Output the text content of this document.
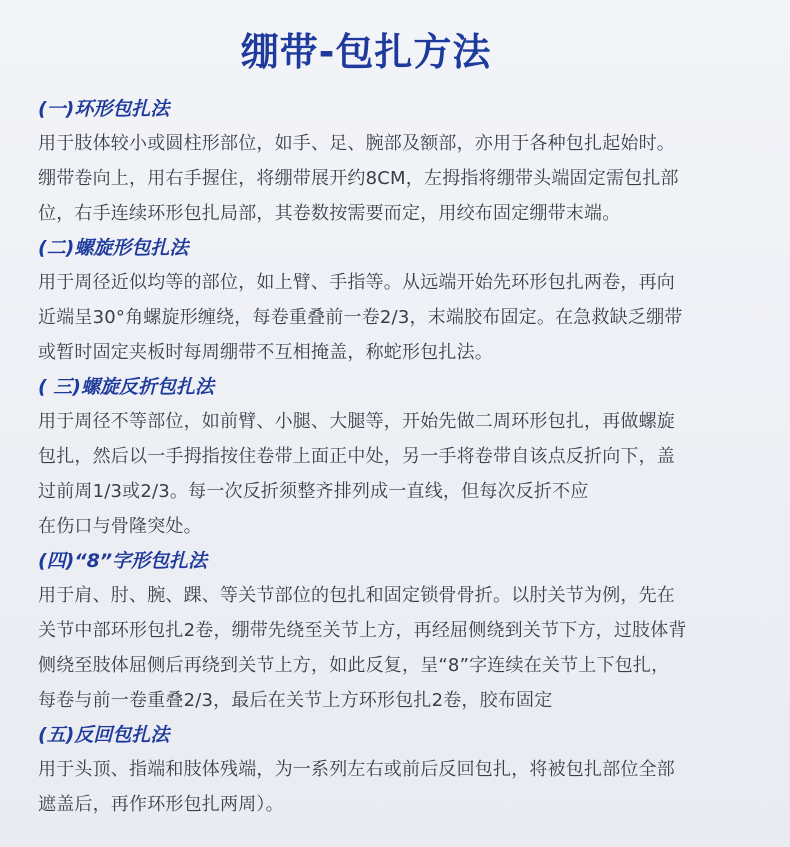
绷带-包扎方法
(一)环形包扎法

用于肢体较小或圆柱形部位，如手、足、腕部及额部，亦用于各种包扎起始时。
绷带卷向上，用右手握住，将绷带展开约8CM，左拇指将绷带头端固定需包扎部
位，右手连续环形包扎局部，其卷数按需要而定，用绞布固定绷带末端。

(二)螺旋形包扎法

用于周径近似均等的部位，如上臂、手指等。从远端开始先环形包扎两卷，再向
近端呈30°角螺旋形缠绕，每卷重叠前一卷2/3，末端胶布固定。在急救缺乏绷带
或暂时固定夹板时每周绷带不互相掩盖，称蛇形包扎法。

( 三)螺旋反折包扎法

用于周径不等部位，如前臂、小腿、大腿等，开始先做二周环形包扎，再做螺旋
包扎，然后以一手拇指按住卷带上面正中处，另一手将卷带自该点反折向下，盖
过前周1/3或2/3。每一次反折须整齐排列成一直线，但每次反折不应
在伤口与骨隆突处。

(四)“8”字形包扎法

用于肩、肘、腕、踝、等关节部位的包扎和固定锁骨骨折。以肘关节为例，先在
关节中部环形包扎2卷，绷带先绕至关节上方，再经屈侧绕到关节下方，过肢体背
侧绕至肢体屈侧后再绕到关节上方，如此反复，呈“8”字连续在关节上下包扎，
每卷与前一卷重叠2/3，最后在关节上方环形包扎2卷，胶布固定

(五)反回包扎法

用于头顶、指端和肢体残端，为一系列左右或前后反回包扎，将被包扎部位全部
遮盖后，再作环形包扎两周）。
